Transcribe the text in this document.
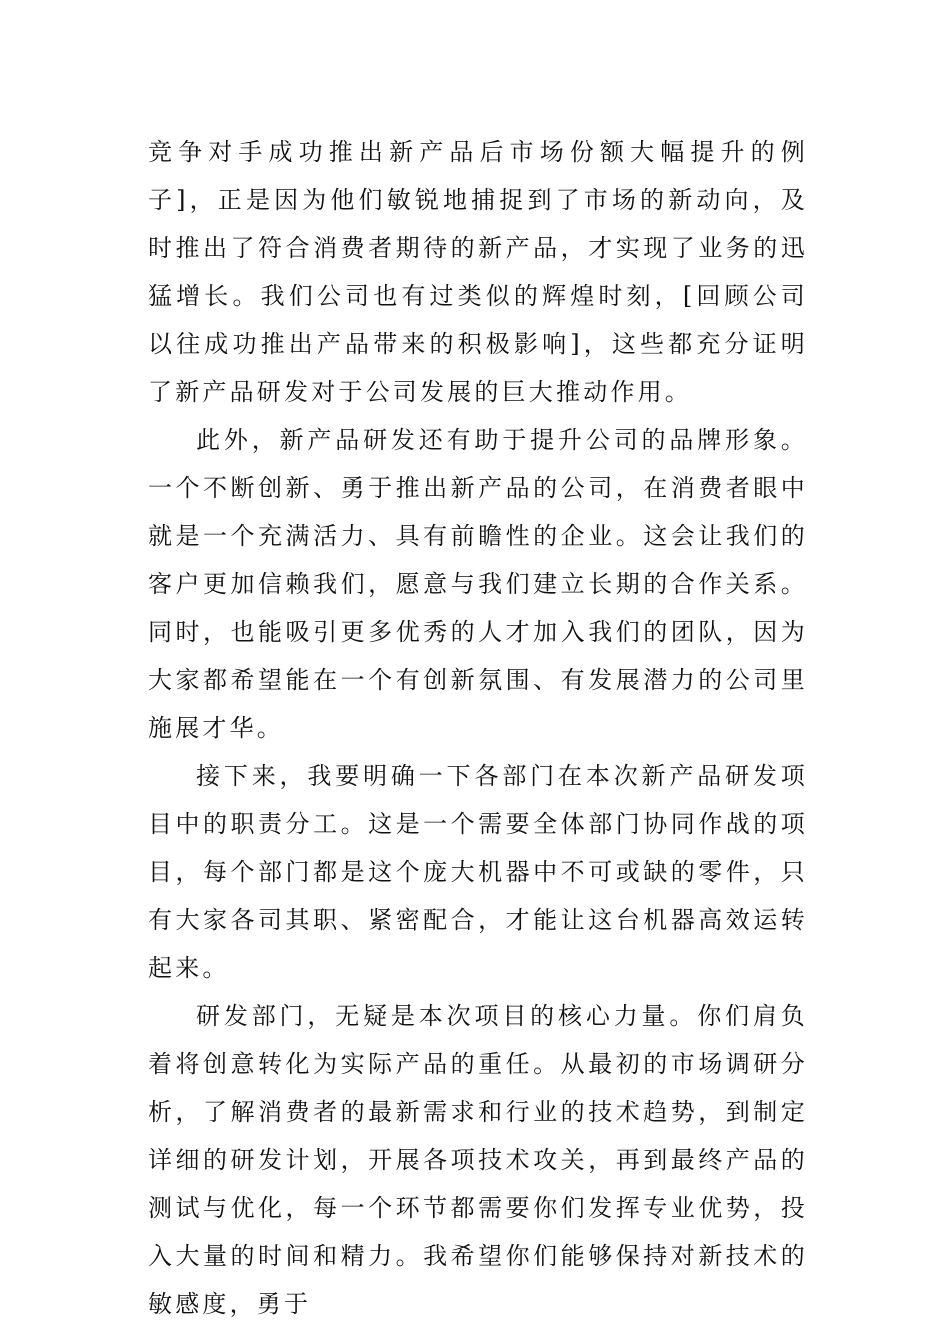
竞争对手成功推出新产品后市场份额大幅提升的例子]，正是因为他们敏锐地捕捉到了市场的新动向，及时推出了符合消费者期待的新产品，才实现了业务的迅猛增长。我们公司也有过类似的辉煌时刻，[回顾公司以往成功推出产品带来的积极影响]，这些都充分证明了新产品研发对于公司发展的巨大推动作用。

此外，新产品研发还有助于提升公司的品牌形象。一个不断创新、勇于推出新产品的公司，在消费者眼中就是一个充满活力、具有前瞻性的企业。这会让我们的客户更加信赖我们，愿意与我们建立长期的合作关系。同时，也能吸引更多优秀的人才加入我们的团队，因为大家都希望能在一个有创新氛围、有发展潜力的公司里施展才华。

接下来，我要明确一下各部门在本次新产品研发项目中的职责分工。这是一个需要全体部门协同作战的项目，每个部门都是这个庞大机器中不可或缺的零件，只有大家各司其职、紧密配合，才能让这台机器高效运转起来。

研发部门，无疑是本次项目的核心力量。你们肩负着将创意转化为实际产品的重任。从最初的市场调研分析，了解消费者的最新需求和行业的技术趋势，到制定详细的研发计划，开展各项技术攻关，再到最终产品的测试与优化，每一个环节都需要你们发挥专业优势，投入大量的时间和精力。我希望你们能够保持对新技术的敏感度，勇于
